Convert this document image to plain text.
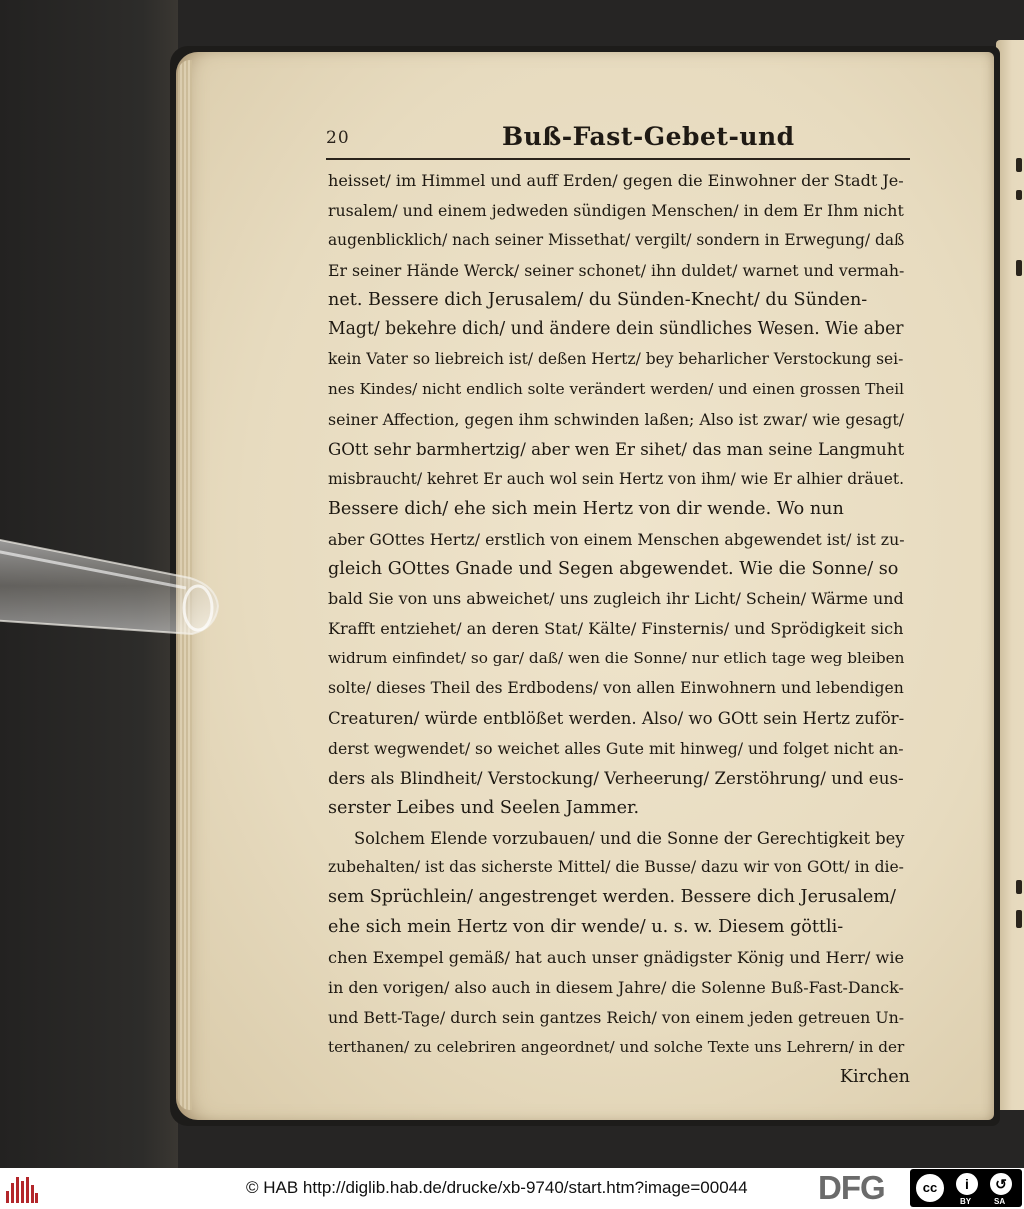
20	Buß-Fast-Gebet-und
heisset/ im Himmel und auff Erden/ gegen die Einwohner der Stadt Je-
rusalem/ und einem jedweden sündigen Menschen/ in dem Er Ihm nicht
augenblicklich/ nach seiner Missethat/ vergilt/ sondern in Erwegung/ daß
Er seiner Hände Werck/ seiner schonet/ ihn duldet/ warnet und vermah-
net. Bessere dich Jerusalem/ du Sünden-Knecht/ du Sünden-
Magt/ bekehre dich/ und ändere dein sündliches Wesen. Wie aber
kein Vater so liebreich ist/ deßen Hertz/ bey beharlicher Verstockung sei-
nes Kindes/ nicht endlich solte verändert werden/ und einen grossen Theil
seiner Affection, gegen ihm schwinden laßen; Also ist zwar/ wie gesagt/
GOtt sehr barmhertzig/ aber wen Er sihet/ das man seine Langmuht
misbraucht/ kehret Er auch wol sein Hertz von ihm/ wie Er alhier dräuet.
Bessere dich/ ehe sich mein Hertz von dir wende. Wo nun
aber GOttes Hertz/ erstlich von einem Menschen abgewendet ist/ ist zu-
gleich GOttes Gnade und Segen abgewendet. Wie die Sonne/ so
bald Sie von uns abweichet/ uns zugleich ihr Licht/ Schein/ Wärme und
Krafft entziehet/ an deren Stat/ Kälte/ Finsternis/ und Sprödigkeit sich
widrum einfindet/ so gar/ daß/ wen die Sonne/ nur etlich tage weg bleiben
solte/ dieses Theil des Erdbodens/ von allen Einwohnern und lebendigen
Creaturen/ würde entblößet werden. Also/ wo GOtt sein Hertz zuför-
derst wegwendet/ so weichet alles Gute mit hinweg/ und folget nicht an-
ders als Blindheit/ Verstockung/ Verheerung/ Zerstöhrung/ und eus-
serster Leibes und Seelen Jammer.
Solchem Elende vorzubauen/ und die Sonne der Gerechtigkeit bey
zubehalten/ ist das sicherste Mittel/ die Busse/ dazu wir von GOtt/ in die-
sem Sprüchlein/ angestrenget werden. Bessere dich Jerusalem/
ehe sich mein Hertz von dir wende/ u. s. w. Diesem göttli-
chen Exempel gemäß/ hat auch unser gnädigster König und Herr/ wie
in den vorigen/ also auch in diesem Jahre/ die Solenne Buß-Fast-Danck-
und Bett-Tage/ durch sein gantzes Reich/ von einem jeden getreuen Un-
terthanen/ zu celebriren angeordnet/ und solche Texte uns Lehrern/ in der
Kirchen
© HAB http://diglib.hab.de/drucke/xb-9740/start.htm?image=00044 DFG	cc	i	↺
BY	SA
